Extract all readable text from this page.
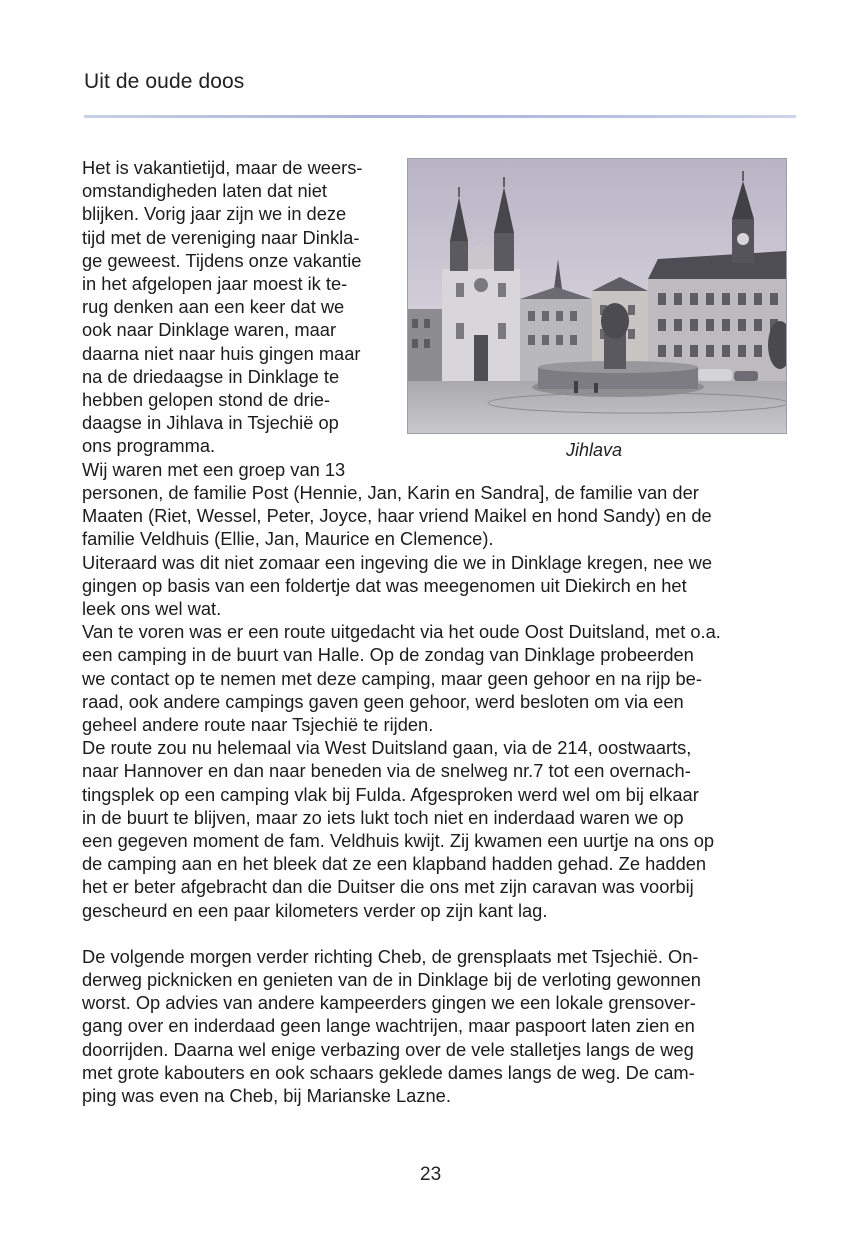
Uit de oude doos
Het is vakantietijd, maar de weers-
omstandigheden laten dat niet
blijken. Vorig jaar zijn we in deze
tijd met de vereniging naar Dinkla-
ge geweest. Tijdens onze vakantie
in het afgelopen jaar moest ik te-
rug denken aan een keer dat we
ook naar Dinklage waren, maar
daarna niet naar huis gingen maar
na de driedaagse in Dinklage te
hebben gelopen stond de drie-
daagse in Jihlava in Tsjechië op
ons programma.
Wij waren met een groep van 13
Jihlava
personen, de familie Post (Hennie, Jan, Karin en Sandra], de familie van der
Maaten (Riet, Wessel, Peter, Joyce, haar vriend Maikel en hond Sandy) en de
familie Veldhuis (Ellie, Jan, Maurice en Clemence).
Uiteraard was dit niet zomaar een ingeving die we in Dinklage kregen, nee we
gingen op basis van een foldertje dat was meegenomen uit Diekirch en het
leek ons wel wat.
Van te voren was er een route uitgedacht via het oude Oost Duitsland, met o.a.
een camping in de buurt van Halle. Op de zondag van Dinklage probeerden
we contact op te nemen met deze camping, maar geen gehoor en na rijp be-
raad, ook andere campings gaven geen gehoor, werd besloten om via een
geheel andere route naar Tsjechië te rijden.
De route zou nu helemaal via West Duitsland gaan, via de 214, oostwaarts,
naar Hannover en dan naar beneden via de snelweg nr.7 tot een overnach-
tingsplek op een camping vlak bij Fulda. Afgesproken werd wel om bij elkaar
in de buurt te blijven, maar zo iets lukt toch niet en inderdaad waren we op
een gegeven moment de fam. Veldhuis kwijt. Zij kwamen een uurtje na ons op
de camping aan en het bleek dat ze een klapband hadden gehad. Ze hadden
het er beter afgebracht dan die Duitser die ons met zijn caravan was voorbij
gescheurd en een paar kilometers verder op zijn kant lag.
De volgende morgen verder richting Cheb, de grensplaats met Tsjechië. On-
derweg picknicken en genieten van de in Dinklage bij de verloting gewonnen
worst. Op advies van andere kampeerders gingen we een lokale grensover-
gang over en inderdaad geen lange wachtrijen, maar paspoort laten zien en
doorrijden. Daarna wel enige verbazing over de vele stalletjes langs de weg
met grote kabouters en ook schaars geklede dames langs de weg. De cam-
ping was even na Cheb, bij Marianske Lazne.
23
